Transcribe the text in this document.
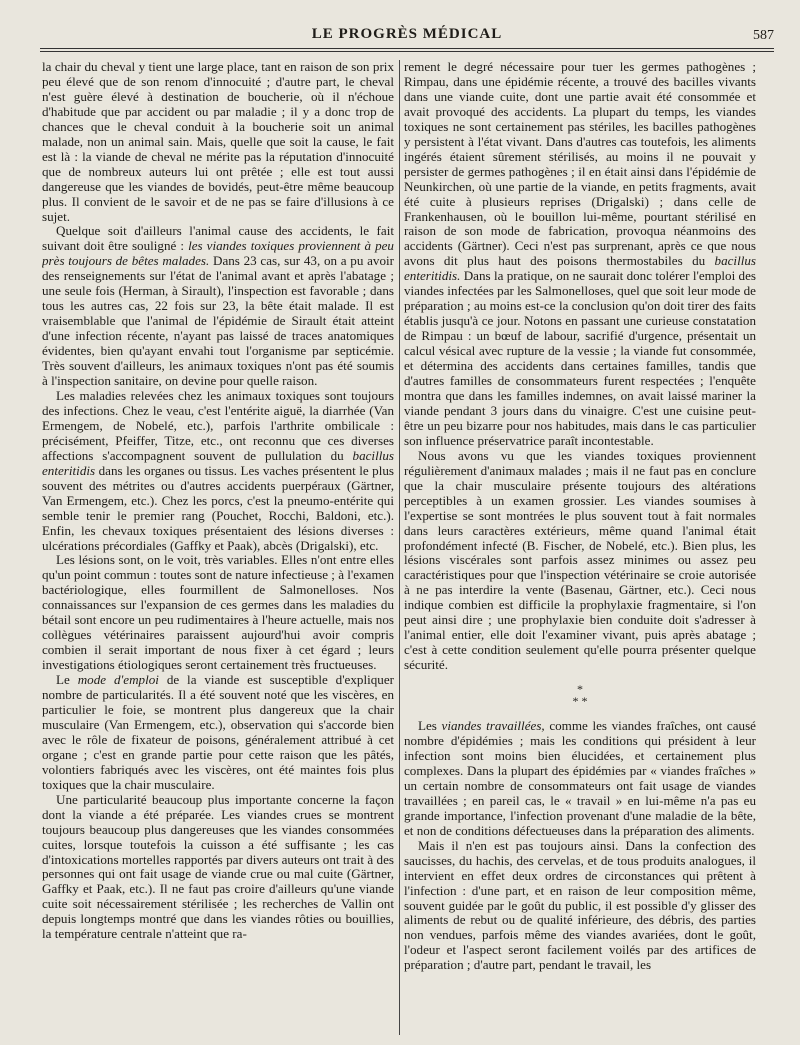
LE PROGRÈS MÉDICAL	587

la chair du cheval y tient une large place, tant en raison de son prix peu élevé que de son renom d'innocuité ; d'autre part, le cheval n'est guère élevé à destination de boucherie, où il n'échoue d'habitude que par accident ou par maladie ; il y a donc trop de chances que le cheval conduit à la boucherie soit un animal malade, non un animal sain. Mais, quelle que soit la cause, le fait est là : la viande de cheval ne mérite pas la réputation d'innocuité que de nombreux auteurs lui ont prêtée ; elle est tout aussi dangereuse que les viandes de bovidés, peut-être même beaucoup plus. Il convient de le savoir et de ne pas se faire d'illusions à ce sujet.

Quelque soit d'ailleurs l'animal cause des accidents, le fait suivant doit être souligné : les viandes toxiques proviennent à peu près toujours de bêtes malades. Dans 23 cas, sur 43, on a pu avoir des renseignements sur l'état de l'animal avant et après l'abatage ; une seule fois (Herman, à Sirault), l'inspection est favorable ; dans tous les autres cas, 22 fois sur 23, la bête était malade. Il est vraisemblable que l'animal de l'épidémie de Sirault était atteint d'une infection récente, n'ayant pas laissé de traces anatomiques évidentes, bien qu'ayant envahi tout l'organisme par septicémie. Très souvent d'ailleurs, les animaux toxiques n'ont pas été soumis à l'inspection sanitaire, on devine pour quelle raison.

Les maladies relevées chez les animaux toxiques sont toujours des infections. Chez le veau, c'est l'entérite aiguë, la diarrhée (Van Ermengem, de Nobelé, etc.), parfois l'arthrite ombilicale : précisément, Pfeiffer, Titze, etc., ont reconnu que ces diverses affections s'accompagnent souvent de pullulation du bacillus enteritidis dans les organes ou tissus. Les vaches présentent le plus souvent des métrites ou d'autres accidents puerpéraux (Gärtner, Van Ermengem, etc.). Chez les porcs, c'est la pneumo-entérite qui semble tenir le premier rang (Pouchet, Rocchi, Baldoni, etc.). Enfin, les chevaux toxiques présentaient des lésions diverses : ulcérations précordiales (Gaffky et Paak), abcès (Drigalski), etc.

Les lésions sont, on le voit, très variables. Elles n'ont entre elles qu'un point commun : toutes sont de nature infectieuse ; à l'examen bactériologique, elles fourmillent de Salmonelloses. Nos connaissances sur l'expansion de ces germes dans les maladies du bétail sont encore un peu rudimentaires à l'heure actuelle, mais nos collègues vétérinaires paraissent aujourd'hui avoir compris combien il serait important de nous fixer à cet égard ; leurs investigations étiologiques seront certainement très fructueuses.

Le mode d'emploi de la viande est susceptible d'expliquer nombre de particularités. Il a été souvent noté que les viscères, en particulier le foie, se montrent plus dangereux que la chair musculaire (Van Ermengem, etc.), observation qui s'accorde bien avec le rôle de fixateur de poisons, généralement attribué à cet organe ; c'est en grande partie pour cette raison que les pâtés, volontiers fabriqués avec les viscères, ont été maintes fois plus toxiques que la chair musculaire.

Une particularité beaucoup plus importante concerne la façon dont la viande a été préparée. Les viandes crues se montrent toujours beaucoup plus dangereuses que les viandes consommées cuites, lorsque toutefois la cuisson a été suffisante ; les cas d'intoxications mortelles rapportés par divers auteurs ont trait à des personnes qui ont fait usage de viande crue ou mal cuite (Gärtner, Gaffky et Paak, etc.). Il ne faut pas croire d'ailleurs qu'une viande cuite soit nécessairement stérilisée ; les recherches de Vallin ont depuis longtemps montré que dans les viandes rôties ou bouillies, la température centrale n'atteint que ra-

rement le degré nécessaire pour tuer les germes pathogènes ; Rimpau, dans une épidémie récente, a trouvé des bacilles vivants dans une viande cuite, dont une partie avait été consommée et avait provoqué des accidents. La plupart du temps, les viandes toxiques ne sont certainement pas stériles, les bacilles pathogènes y persistent à l'état vivant. Dans d'autres cas toutefois, les aliments ingérés étaient sûrement stérilisés, au moins il ne pouvait y persister de germes pathogènes ; il en était ainsi dans l'épidémie de Neunkirchen, où une partie de la viande, en petits fragments, avait été cuite à plusieurs reprises (Drigalski) ; dans celle de Frankenhausen, où le bouillon lui-même, pourtant stérilisé en raison de son mode de fabrication, provoqua néanmoins des accidents (Gärtner). Ceci n'est pas surprenant, après ce que nous avons dit plus haut des poisons thermostabiles du bacillus enteritidis. Dans la pratique, on ne saurait donc tolérer l'emploi des viandes infectées par les Salmonelloses, quel que soit leur mode de préparation ; au moins est-ce la conclusion qu'on doit tirer des faits établis jusqu'à ce jour. Notons en passant une curieuse constatation de Rimpau : un bœuf de labour, sacrifié d'urgence, présentait un calcul vésical avec rupture de la vessie ; la viande fut consommée, et détermina des accidents dans certaines familles, tandis que d'autres familles de consommateurs furent respectées ; l'enquête montra que dans les familles indemnes, on avait laissé mariner la viande pendant 3 jours dans du vinaigre. C'est une cuisine peut-être un peu bizarre pour nos habitudes, mais dans le cas particulier son influence préservatrice paraît incontestable.

Nous avons vu que les viandes toxiques proviennent régulièrement d'animaux malades ; mais il ne faut pas en conclure que la chair musculaire présente toujours des altérations perceptibles à un examen grossier. Les viandes soumises à l'expertise se sont montrées le plus souvent tout à fait normales dans leurs caractères extérieurs, même quand l'animal était profondément infecté (B. Fischer, de Nobelé, etc.). Bien plus, les lésions viscérales sont parfois assez minimes ou assez peu caractéristiques pour que l'inspection vétérinaire se croie autorisée à ne pas interdire la vente (Basenau, Gärtner, etc.). Ceci nous indique combien est difficile la prophylaxie fragmentaire, si l'on peut ainsi dire ; une prophylaxie bien conduite doit s'adresser à l'animal entier, elle doit l'examiner vivant, puis après abatage ; c'est à cette condition seulement qu'elle pourra présenter quelque sécurité.

*
* *

Les viandes travaillées, comme les viandes fraîches, ont causé nombre d'épidémies ; mais les conditions qui président à leur infection sont moins bien élucidées, et certainement plus complexes. Dans la plupart des épidémies par « viandes fraîches » un certain nombre de consommateurs ont fait usage de viandes travaillées ; en pareil cas, le « travail » en lui-même n'a pas eu grande importance, l'infection provenant d'une maladie de la bête, et non de conditions défectueuses dans la préparation des aliments.

Mais il n'en est pas toujours ainsi. Dans la confection des saucisses, du hachis, des cervelas, et de tous produits analogues, il intervient en effet deux ordres de circonstances qui prêtent à l'infection : d'une part, et en raison de leur composition même, souvent guidée par le goût du public, il est possible d'y glisser des aliments de rebut ou de qualité inférieure, des débris, des parties non vendues, parfois même des viandes avariées, dont le goût, l'odeur et l'aspect seront facilement voilés par des artifices de préparation ; d'autre part, pendant le travail, les
